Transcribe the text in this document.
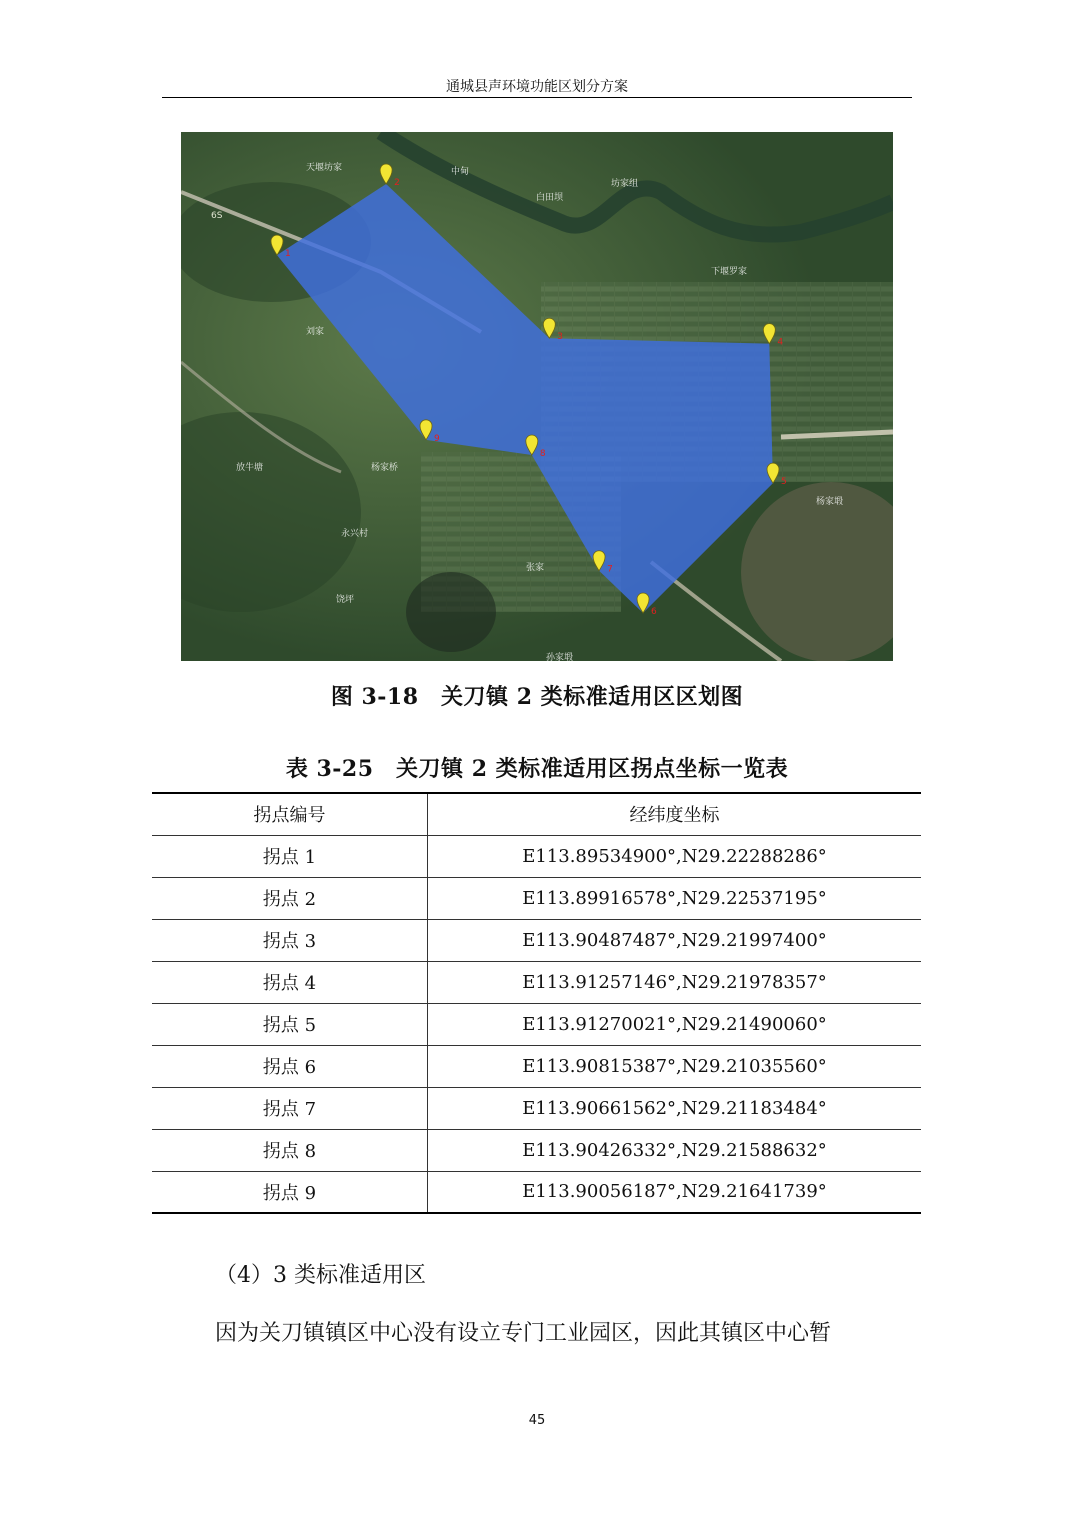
通城县声环境功能区划分方案
天堰坊家
6S
中甸
白田坝
坊家组
下堰罗家
刘家
杨家塅
放牛塘	杨家桥
永兴村
张家
饶坪
孙家塅
1
2
3
4
5
6
7
8
9
图 3-18　关刀镇 2 类标准适用区区划图
表 3-25　关刀镇 2 类标准适用区拐点坐标一览表
拐点编号	经纬度坐标
拐点 1	E113.89534900°,N29.22288286°
拐点 2	E113.89916578°,N29.22537195°
拐点 3	E113.90487487°,N29.21997400°
拐点 4	E113.91257146°,N29.21978357°
拐点 5	E113.91270021°,N29.21490060°
拐点 6	E113.90815387°,N29.21035560°
拐点 7	E113.90661562°,N29.21183484°
拐点 8	E113.90426332°,N29.21588632°
拐点 9	E113.90056187°,N29.21641739°
（4）3 类标准适用区
因为关刀镇镇区中心没有设立专门工业园区，因此其镇区中心暂
45
